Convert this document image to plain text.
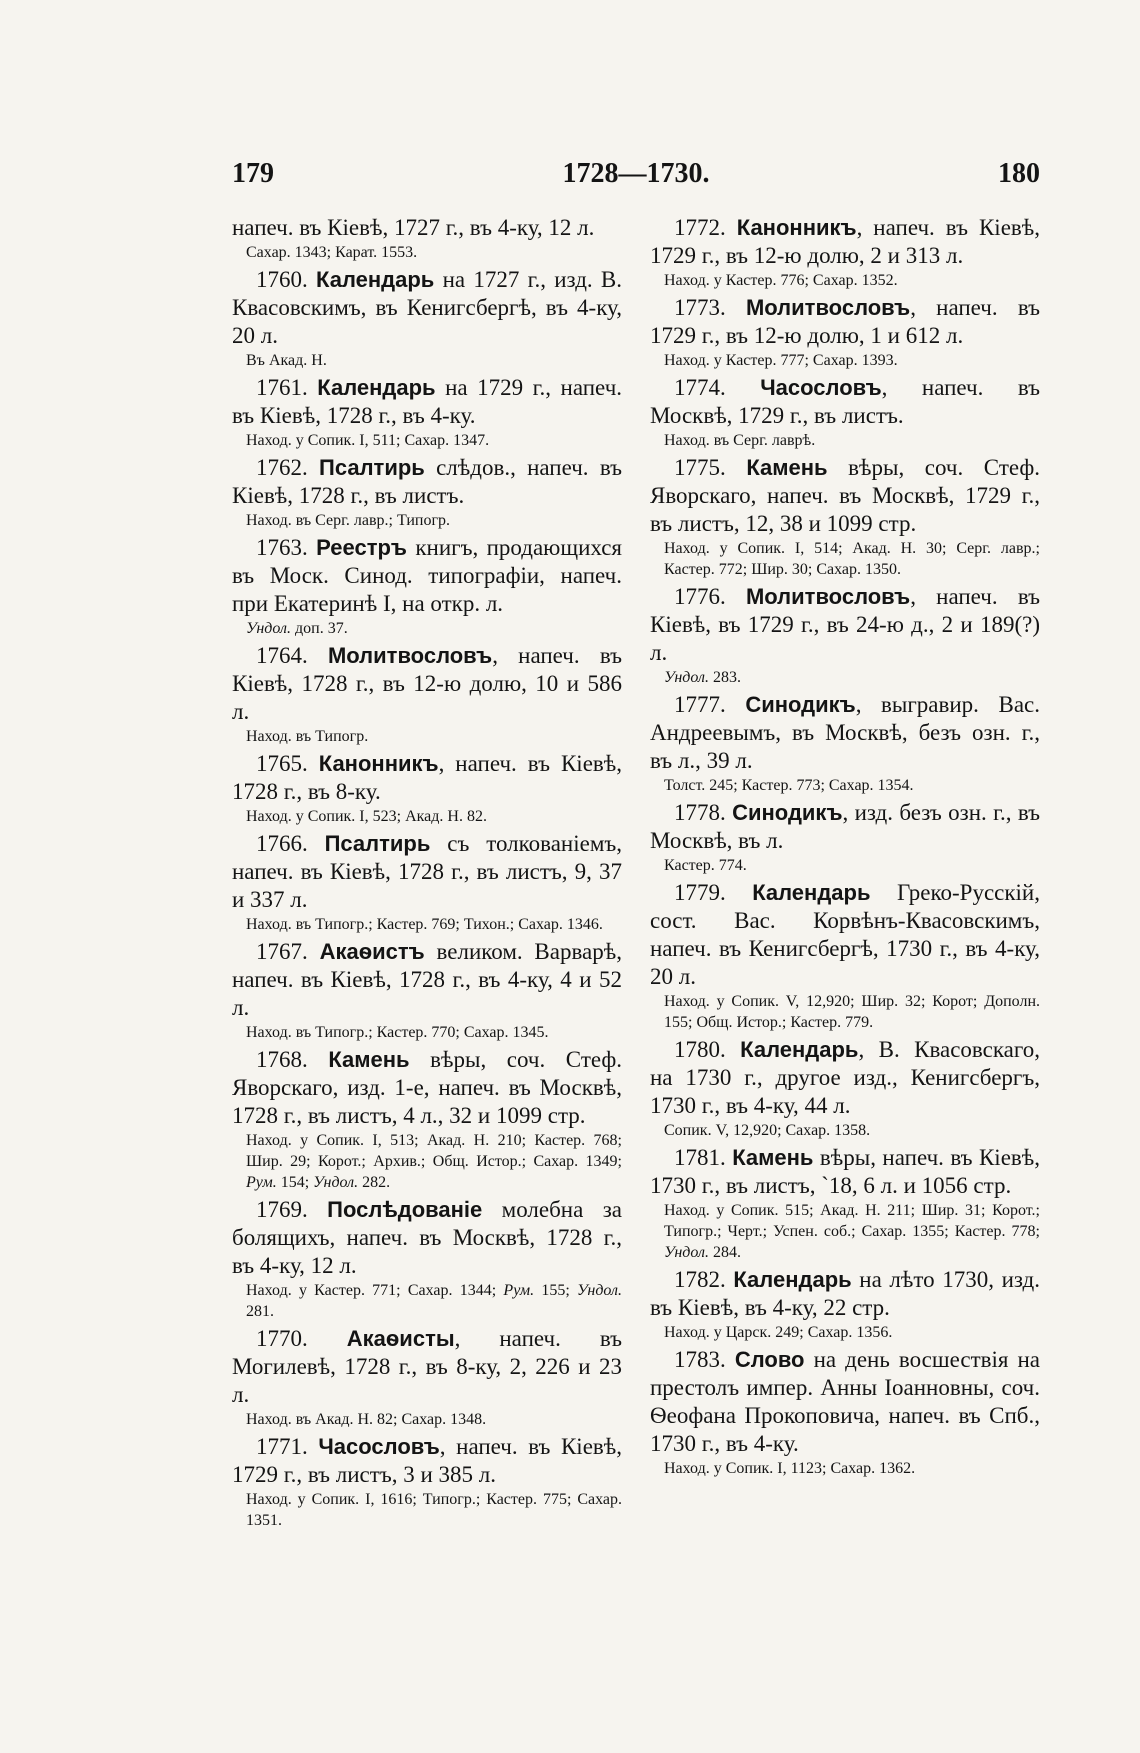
179	1728—1730.	180
напеч. въ Кіевѣ, 1727 г., въ 4-ку, 12 л.
Сахар. 1343; Карат. 1553.
1760. Календарь на 1727 г., изд. В. Квасовскимъ, въ Кенигсбергѣ, въ 4-ку, 20 л.
Въ Акад. Н.
1761. Календарь на 1729 г., напеч. въ Кіевѣ, 1728 г., въ 4-ку.
Наход. у Сопик. I, 511; Сахар. 1347.
1762. Псалтирь слѣдов., напеч. въ Кіевѣ, 1728 г., въ листъ.
Наход. въ Серг. лавр.; Типогр.
1763. Реестръ книгъ, продающихся въ Моск. Синод. типографіи, напеч. при Екатеринѣ I, на откр. л.
Ундол. доп. 37.
1764. Молитвословъ, напеч. въ Кіевѣ, 1728 г., въ 12-ю долю, 10 и 586 л.
Наход. въ Типогр.
1765. Канонникъ, напеч. въ Кіевѣ, 1728 г., въ 8-ку.
Наход. у Сопик. I, 523; Акад. Н. 82.
1766. Псалтирь съ толкованіемъ, напеч. въ Кіевѣ, 1728 г., въ листъ, 9, 37 и 337 л.
Наход. въ Типогр.; Кастер. 769; Тихон.; Сахар. 1346.
1767. Акаѳистъ великом. Варварѣ, напеч. въ Кіевѣ, 1728 г., въ 4-ку, 4 и 52 л.
Наход. въ Типогр.; Кастер. 770; Сахар. 1345.
1768. Камень вѣры, соч. Стеф. Яворскаго, изд. 1-е, напеч. въ Москвѣ, 1728 г., въ листъ, 4 л., 32 и 1099 стр.
Наход. у Сопик. I, 513; Акад. Н. 210; Кастер. 768; Шир. 29; Корот.; Архив.; Общ. Истор.; Сахар. 1349; Рум. 154; Ундол. 282.
1769. Послѣдованіе молебна за болящихъ, напеч. въ Москвѣ, 1728 г., въ 4-ку, 12 л.
Наход. у Кастер. 771; Сахар. 1344; Рум. 155; Ундол. 281.
1770. Акаѳисты, напеч. въ Могилевѣ, 1728 г., въ 8-ку, 2, 226 и 23 л.
Наход. въ Акад. Н. 82; Сахар. 1348.
1771. Часословъ, напеч. въ Кіевѣ, 1729 г., въ листъ, 3 и 385 л.
Наход. у Сопик. I, 1616; Типогр.; Кастер. 775; Сахар. 1351.
1772. Канонникъ, напеч. въ Кіевѣ, 1729 г., въ 12-ю долю, 2 и 313 л.
Наход. у Кастер. 776; Сахар. 1352.
1773. Молитвословъ, напеч. въ 1729 г., въ 12-ю долю, 1 и 612 л.
Наход. у Кастер. 777; Сахар. 1393.
1774. Часословъ, напеч. въ Москвѣ, 1729 г., въ листъ.
Наход. въ Серг. лаврѣ.
1775. Камень вѣры, соч. Стеф. Яворскаго, напеч. въ Москвѣ, 1729 г., въ листъ, 12, 38 и 1099 стр.
Наход. у Сопик. I, 514; Акад. Н. 30; Серг. лавр.; Кастер. 772; Шир. 30; Сахар. 1350.
1776. Молитвословъ, напеч. въ Кіевѣ, въ 1729 г., въ 24-ю д., 2 и 189(?) л.
Ундол. 283.
1777. Синодикъ, выгравир. Вас. Андреевымъ, въ Москвѣ, безъ озн. г., въ л., 39 л.
Толст. 245; Кастер. 773; Сахар. 1354.
1778. Синодикъ, изд. безъ озн. г., въ Москвѣ, въ л.
Кастер. 774.
1779. Календарь Греко-Русскій, сост. Вас. Корвѣнъ-Квасовскимъ, напеч. въ Кенигсбергѣ, 1730 г., въ 4-ку, 20 л.
Наход. у Сопик. V, 12,920; Шир. 32; Корот; Дополн. 155; Общ. Истор.; Кастер. 779.
1780. Календарь, В. Квасовскаго, на 1730 г., другое изд., Кенигсбергъ, 1730 г., въ 4-ку, 44 л.
Сопик. V, 12,920; Сахар. 1358.
1781. Камень вѣры, напеч. въ Кіевѣ, 1730 г., въ листъ, `18, 6 л. и 1056 стр.
Наход. у Сопик. 515; Акад. Н. 211; Шир. 31; Корот.; Типогр.; Черт.; Успен. соб.; Сахар. 1355; Кастер. 778; Ундол. 284.
1782. Календарь на лѣто 1730, изд. въ Кіевѣ, въ 4-ку, 22 стр.
Наход. у Царск. 249; Сахар. 1356.
1783. Слово на день восшествія на престолъ импер. Анны Іоанновны, соч. Ѳеофана Прокоповича, напеч. въ Спб., 1730 г., въ 4-ку.
Наход. у Сопик. I, 1123; Сахар. 1362.
